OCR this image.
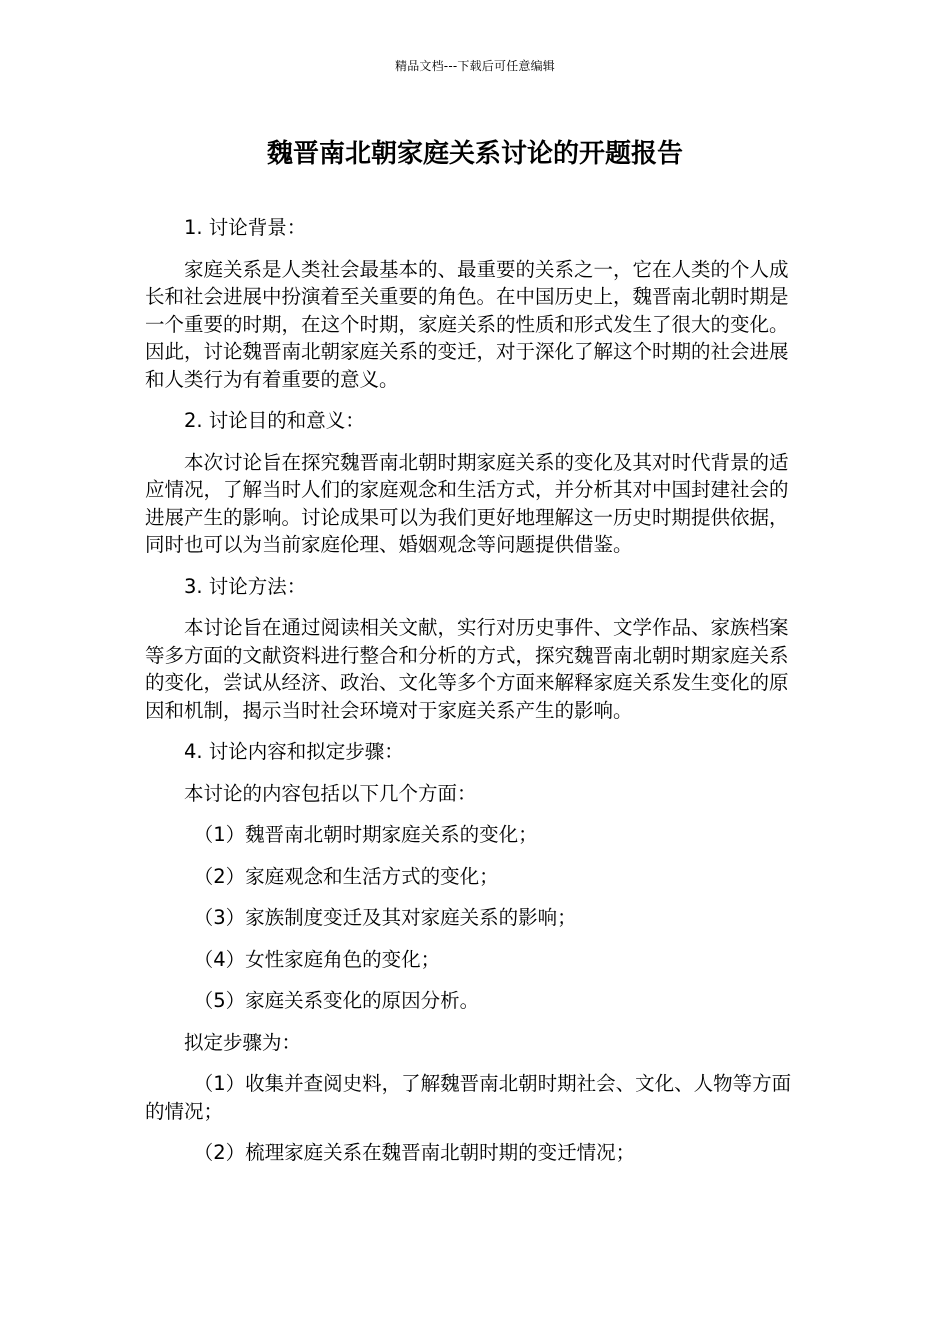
精品文档---下载后可任意编辑
魏晋南北朝家庭关系讨论的开题报告
1. 讨论背景：
家庭关系是人类社会最基本的、最重要的关系之一，它在人类的个人成长和社会进展中扮演着至关重要的角色。在中国历史上，魏晋南北朝时期是一个重要的时期，在这个时期，家庭关系的性质和形式发生了很大的变化。因此，讨论魏晋南北朝家庭关系的变迁，对于深化了解这个时期的社会进展和人类行为有着重要的意义。
2. 讨论目的和意义：
本次讨论旨在探究魏晋南北朝时期家庭关系的变化及其对时代背景的适应情况，了解当时人们的家庭观念和生活方式，并分析其对中国封建社会的进展产生的影响。讨论成果可以为我们更好地理解这一历史时期提供依据，同时也可以为当前家庭伦理、婚姻观念等问题提供借鉴。
3. 讨论方法：
本讨论旨在通过阅读相关文献，实行对历史事件、文学作品、家族档案等多方面的文献资料进行整合和分析的方式，探究魏晋南北朝时期家庭关系的变化，尝试从经济、政治、文化等多个方面来解释家庭关系发生变化的原因和机制，揭示当时社会环境对于家庭关系产生的影响。
4. 讨论内容和拟定步骤：
本讨论的内容包括以下几个方面：
（1）魏晋南北朝时期家庭关系的变化；
（2）家庭观念和生活方式的变化；
（3）家族制度变迁及其对家庭关系的影响；
（4）女性家庭角色的变化；
（5）家庭关系变化的原因分析。
拟定步骤为：
（1）收集并查阅史料，了解魏晋南北朝时期社会、文化、人物等方面的情况；
（2）梳理家庭关系在魏晋南北朝时期的变迁情况；
